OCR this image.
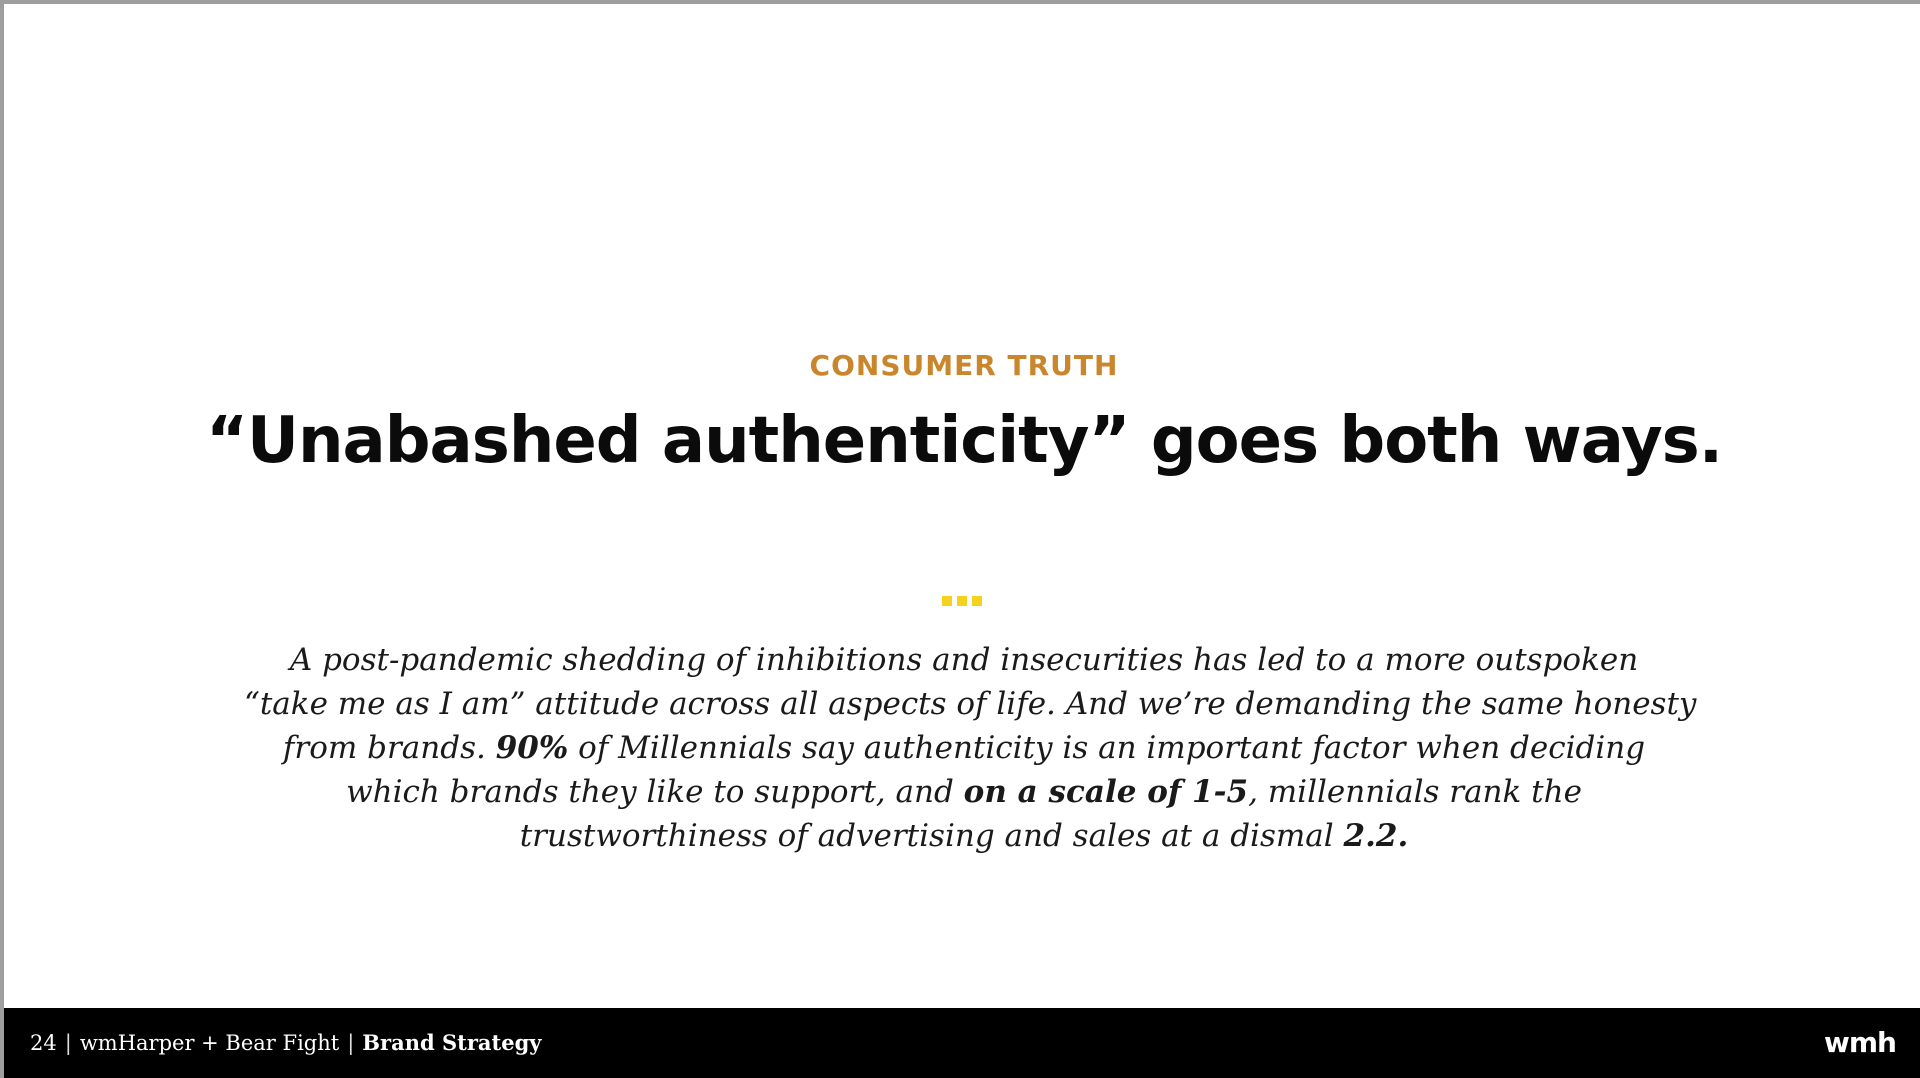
CONSUMER TRUTH
“Unabashed authenticity” goes both ways.
A post-pandemic shedding of inhibitions and insecurities has led to a more outspoken
“take me as I am” attitude across all aspects of life. And we’re demanding the same honesty
from brands. 90% of Millennials say authenticity is an important factor when deciding
which brands they like to support, and on a scale of 1-5, millennials rank the
trustworthiness of advertising and sales at a dismal 2.2.
24 | wmHarper + Bear Fight | Brand Strategy	wmh
